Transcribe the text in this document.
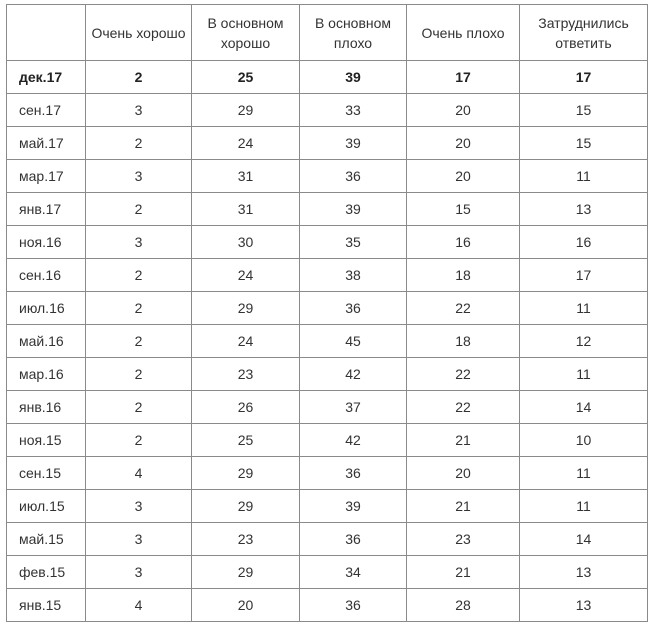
	Очень хорошо	В основном хорошо	В основном плохо	Очень плохо	Затруднились ответить
дек.17	2	25	39	17	17
сен.17	3	29	33	20	15
май.17	2	24	39	20	15
мар.17	3	31	36	20	11
янв.17	2	31	39	15	13
ноя.16	3	30	35	16	16
сен.16	2	24	38	18	17
июл.16	2	29	36	22	11
май.16	2	24	45	18	12
мар.16	2	23	42	22	11
янв.16	2	26	37	22	14
ноя.15	2	25	42	21	10
сен.15	4	29	36	20	11
июл.15	3	29	39	21	11
май.15	3	23	36	23	14
фев.15	3	29	34	21	13
янв.15	4	20	36	28	13
